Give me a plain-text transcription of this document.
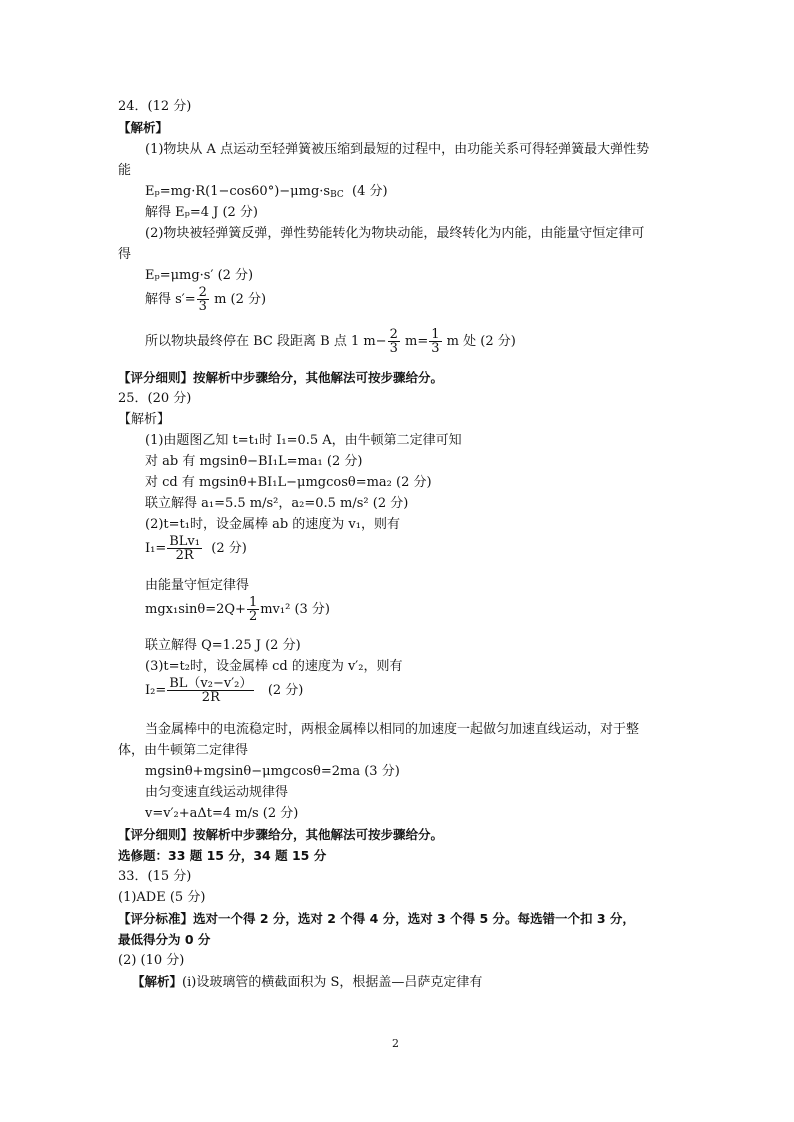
24．(12 分)
【解析】
(1)物块从 A 点运动至轻弹簧被压缩到最短的过程中，由功能关系可得轻弹簧最大弹性势
能
$E_p=mg\cdot R(1-\cos 60^\circ)-\mu mg\cdot s_{BC}$ (4 分)
解得 Eₚ=4 J (2 分)
(2)物块被轻弹簧反弹，弹性势能转化为物块动能，最终转化为内能，由能量守恒定律可
得
Eₚ=μmg·s′ (2 分)
解得 $s'= \frac{2}{3}$ m (2 分)
所以物块最终停在 BC 段距离 B 点 1 $m- \frac{2}{3} m= \frac{1}{3}$ m 处 (2 分)
【评分细则】按解析中步骤给分，其他解法可按步骤给分。
25．(20 分)
【解析】
(1)由题图乙知 t=t₁时 I₁=0.5 A，由牛顿第二定律可知
对 ab 有 mgsinθ−BI₁L=ma₁ (2 分)
对 cd 有 mgsinθ+BI₁L−μmgcosθ=ma₂ (2 分)
联立解得 a₁=5.5 m/s²，a₂=0.5 m/s² (2 分)
(2)t=t₁时，设金属棒 ab 的速度为 v₁，则有
$I_1= \frac{\text{BLv₁}}{2R} (2$ 分)
由能量守恒定律得
$mgx_1\sin\theta=2Q+ \frac{1}{2} mv_1^2$ (3 分)
联立解得 Q=1.25 J (2 分)
(3)t=t₂时，设金属棒 cd 的速度为 v′₂，则有
$I_2= \frac{\text{BL（v₂−v′₂）}}{2R} (2$ 分)
当金属棒中的电流稳定时，两根金属棒以相同的加速度一起做匀加速直线运动，对于整
体，由牛顿第二定律得
mgsinθ+mgsinθ−μmgcosθ=2ma (3 分)
由匀变速直线运动规律得
v=v′₂+aΔt=4 m/s (2 分)
【评分细则】按解析中步骤给分，其他解法可按步骤给分。
选修题：33 题 15 分，34 题 15 分
33．(15 分)
(1)ADE (5 分)
【评分标准】选对一个得 2 分，选对 2 个得 4 分，选对 3 个得 5 分。每选错一个扣 3 分，
最低得分为 0 分
(2) (10 分)
【解析】(ⅰ)设玻璃管的横截面积为 S，根据盖—吕萨克定律有
2
